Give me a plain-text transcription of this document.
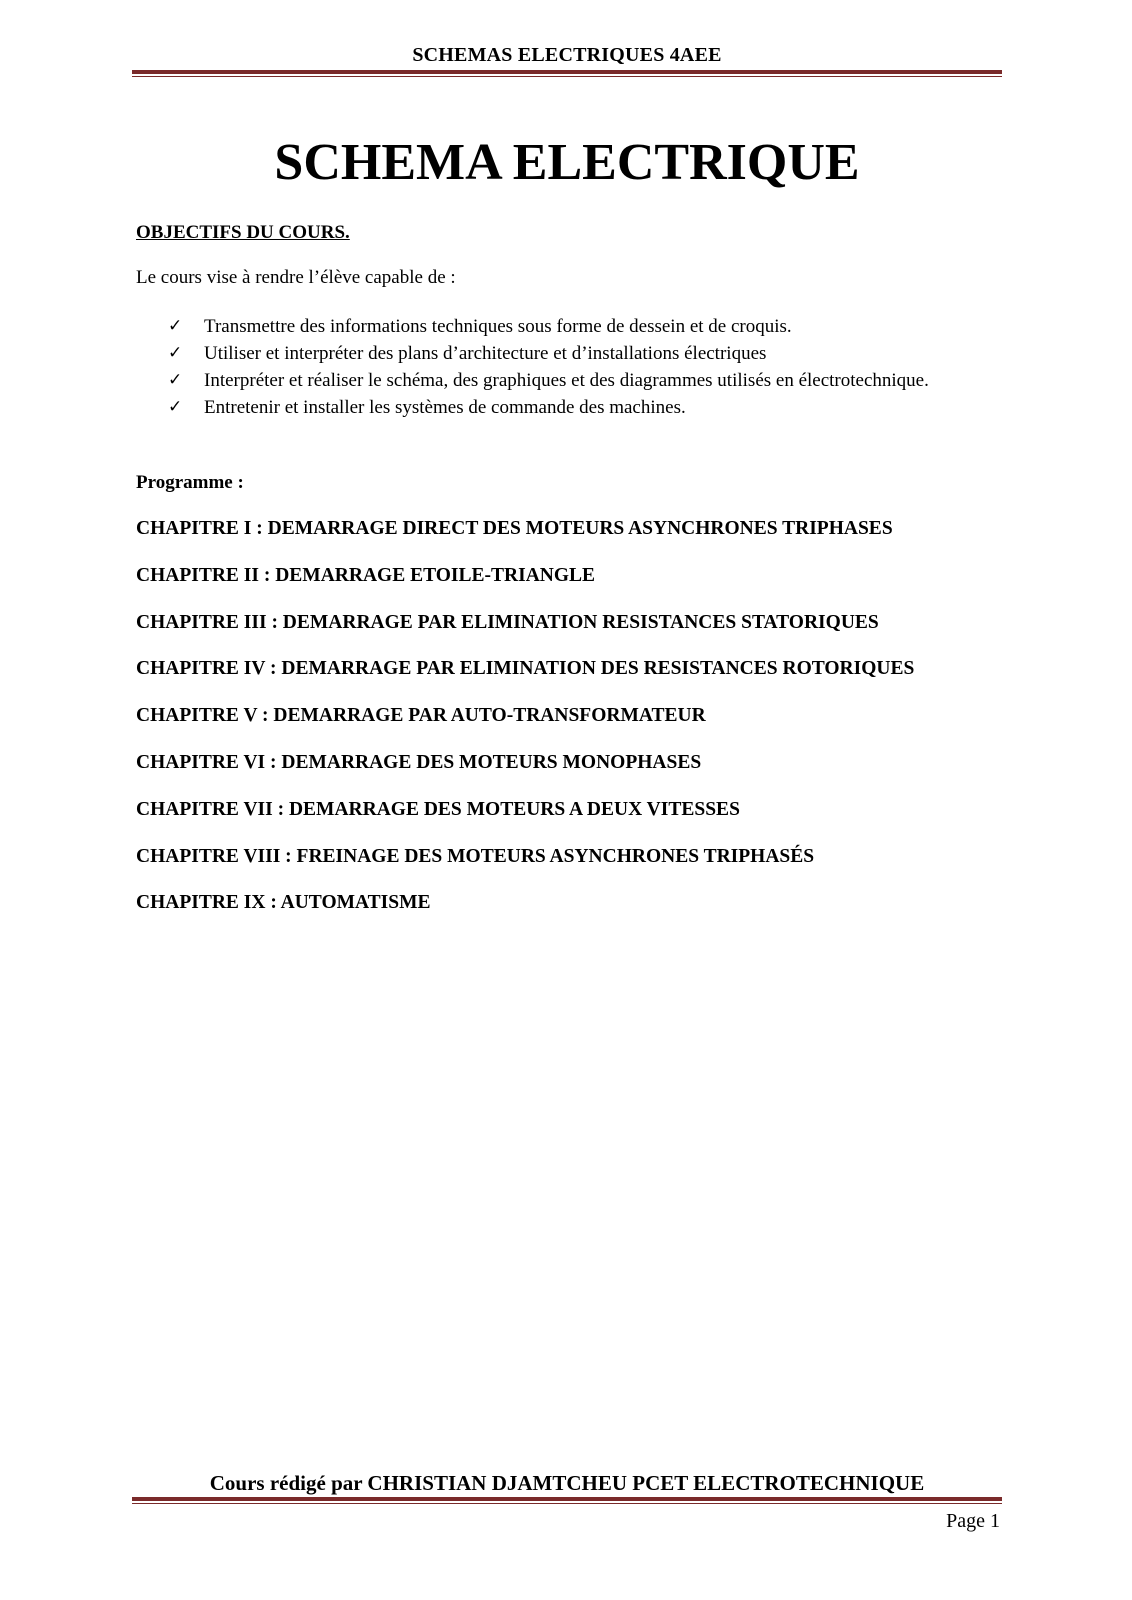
SCHEMAS ELECTRIQUES 4AEE
SCHEMA ELECTRIQUE
OBJECTIFS DU COURS.
Le cours vise à rendre l’élève capable de :
✓ Transmettre des informations techniques sous forme de dessein et de croquis.
✓ Utiliser et interpréter des plans d’architecture et d’installations électriques
✓ Interpréter et réaliser le schéma, des graphiques et des diagrammes utilisés en électrotechnique.
✓ Entretenir et installer les systèmes de commande des machines.
Programme :
CHAPITRE I : DEMARRAGE DIRECT DES MOTEURS ASYNCHRONES TRIPHASES
CHAPITRE II : DEMARRAGE ETOILE-TRIANGLE
CHAPITRE III : DEMARRAGE PAR ELIMINATION RESISTANCES STATORIQUES
CHAPITRE IV : DEMARRAGE PAR ELIMINATION DES RESISTANCES ROTORIQUES
CHAPITRE V : DEMARRAGE PAR AUTO-TRANSFORMATEUR
CHAPITRE VI : DEMARRAGE DES MOTEURS MONOPHASES
CHAPITRE VII : DEMARRAGE DES MOTEURS A DEUX VITESSES
CHAPITRE VIII : FREINAGE DES MOTEURS ASYNCHRONES TRIPHASÉS
CHAPITRE IX : AUTOMATISME
Cours rédigé par CHRISTIAN DJAMTCHEU PCET ELECTROTECHNIQUE
Page 1
